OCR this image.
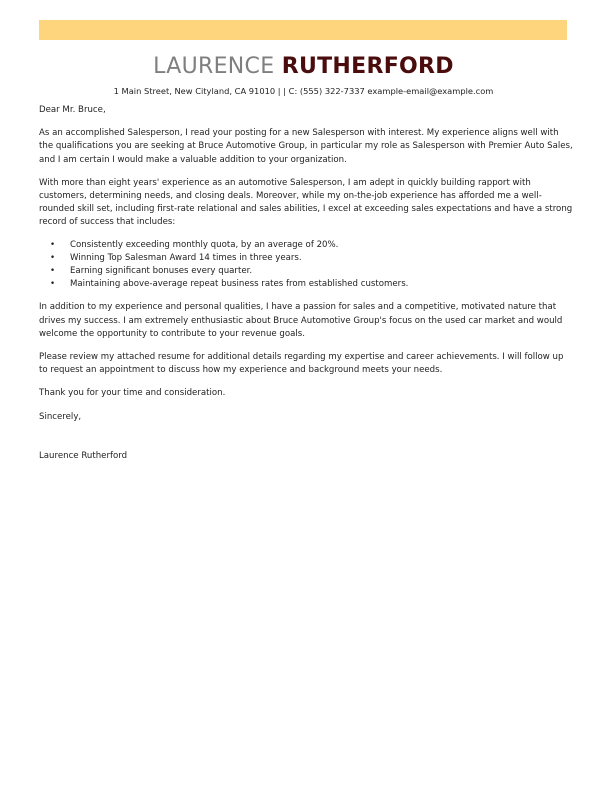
LAURENCE RUTHERFORD
1 Main Street, New Cityland, CA 91010 | | C: (555) 322-7337 example-email@example.com

Dear Mr. Bruce,

As an accomplished Salesperson, I read your posting for a new Salesperson with interest. My experience aligns well with the qualifications you are seeking at Bruce Automotive Group, in particular my role as Salesperson with Premier Auto Sales, and I am certain I would make a valuable addition to your organization.

With more than eight years' experience as an automotive Salesperson, I am adept in quickly building rapport with customers, determining needs, and closing deals. Moreover, while my on-the-job experience has afforded me a well-rounded skill set, including first-rate relational and sales abilities, I excel at exceeding sales expectations and have a strong record of success that includes:

• Consistently exceeding monthly quota, by an average of 20%.
• Winning Top Salesman Award 14 times in three years.
• Earning significant bonuses every quarter.
• Maintaining above-average repeat business rates from established customers.

In addition to my experience and personal qualities, I have a passion for sales and a competitive, motivated nature that drives my success. I am extremely enthusiastic about Bruce Automotive Group's focus on the used car market and would welcome the opportunity to contribute to your revenue goals.

Please review my attached resume for additional details regarding my expertise and career achievements. I will follow up to request an appointment to discuss how my experience and background meets your needs.

Thank you for your time and consideration.

Sincerely,

Laurence Rutherford
